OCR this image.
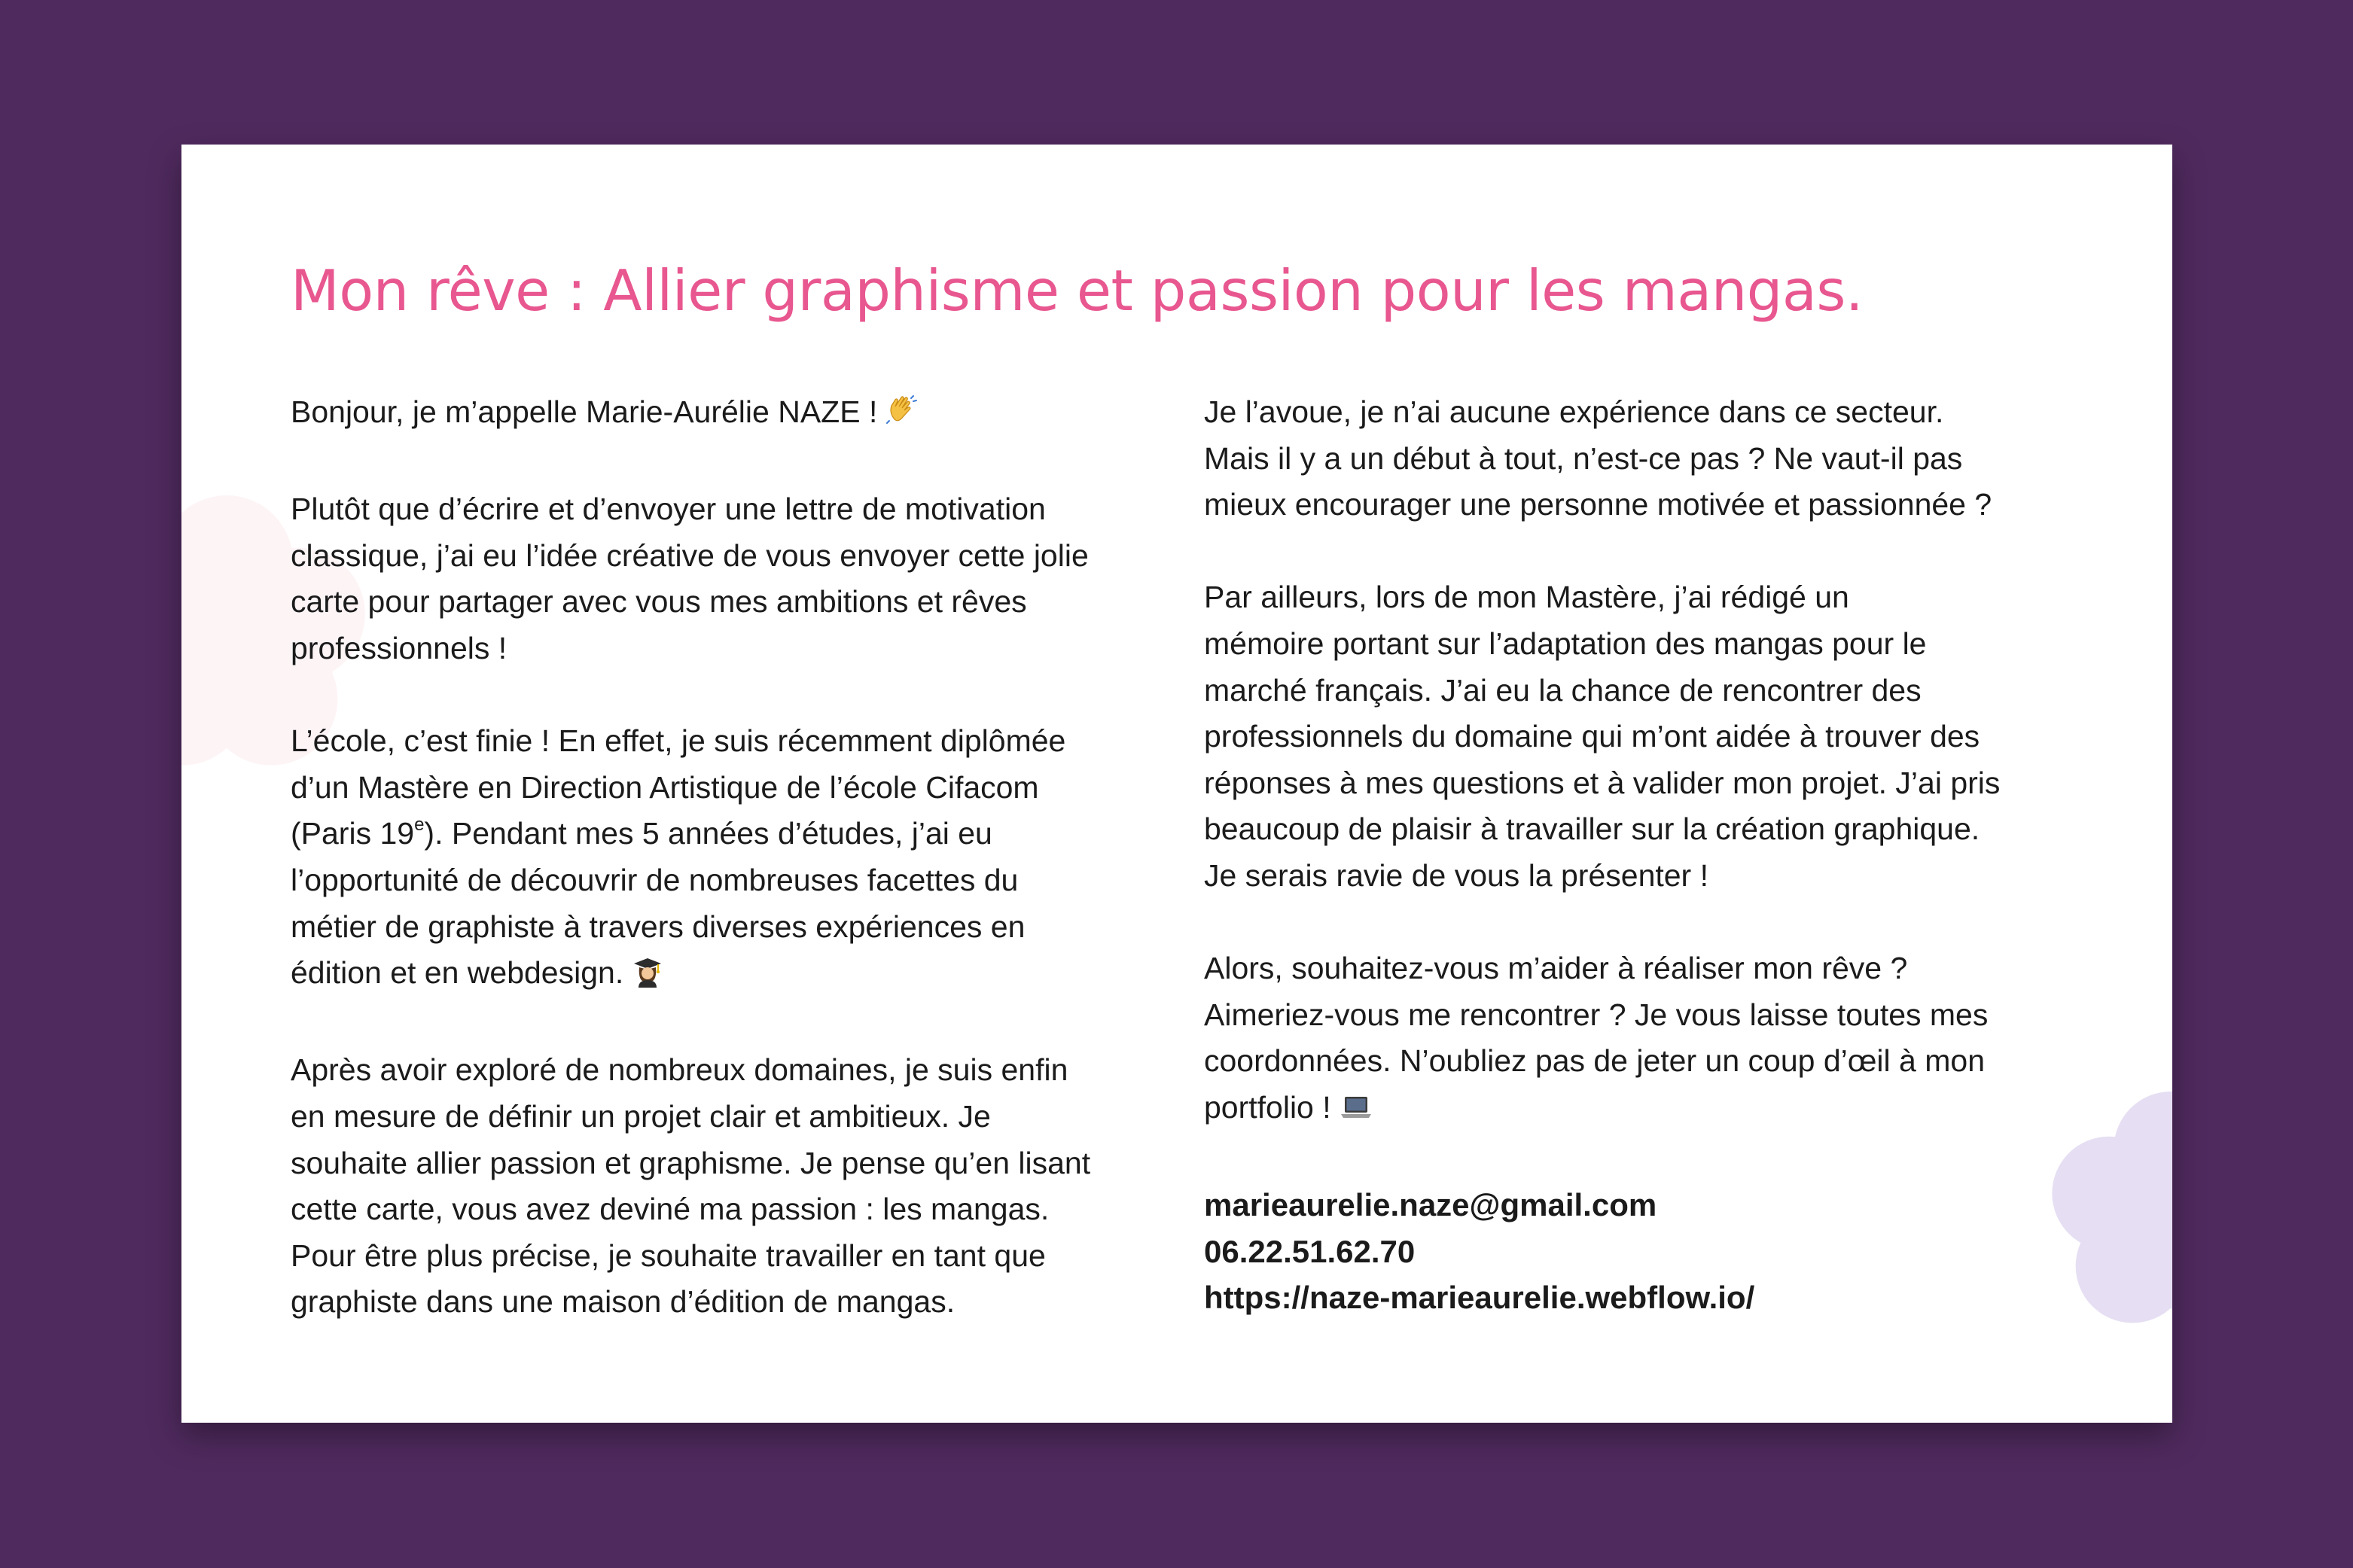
Mon rêve : Allier graphisme et passion pour les mangas.
Bonjour, je m’appelle Marie-Aurélie NAZE !
Plutôt que d’écrire et d’envoyer une lettre de motivation
classique, j’ai eu l’idée créative de vous envoyer cette jolie
carte pour partager avec vous mes ambitions et rêves
professionnels !
L’école, c’est finie ! En effet, je suis récemment diplômée
d’un Mastère en Direction Artistique de l’école Cifacom
(Paris 19e). Pendant mes 5 années d’études, j’ai eu
l’opportunité de découvrir de nombreuses facettes du
métier de graphiste à travers diverses expériences en
édition et en webdesign.
Après avoir exploré de nombreux domaines, je suis enfin
en mesure de définir un projet clair et ambitieux. Je
souhaite allier passion et graphisme. Je pense qu’en lisant
cette carte, vous avez deviné ma passion : les mangas.
Pour être plus précise, je souhaite travailler en tant que
graphiste dans une maison d’édition de mangas.
Je l’avoue, je n’ai aucune expérience dans ce secteur.
Mais il y a un début à tout, n’est-ce pas ? Ne vaut-il pas
mieux encourager une personne motivée et passionnée ?
Par ailleurs, lors de mon Mastère, j’ai rédigé un
mémoire portant sur l’adaptation des mangas pour le
marché français. J’ai eu la chance de rencontrer des
professionnels du domaine qui m’ont aidée à trouver des
réponses à mes questions et à valider mon projet. J’ai pris
beaucoup de plaisir à travailler sur la création graphique.
Je serais ravie de vous la présenter !
Alors, souhaitez-vous m’aider à réaliser mon rêve ?
Aimeriez-vous me rencontrer ? Je vous laisse toutes mes
coordonnées. N’oubliez pas de jeter un coup d’œil à mon
portfolio !
marieaurelie.naze@gmail.com
06.22.51.62.70
https://naze-marieaurelie.webflow.io/
